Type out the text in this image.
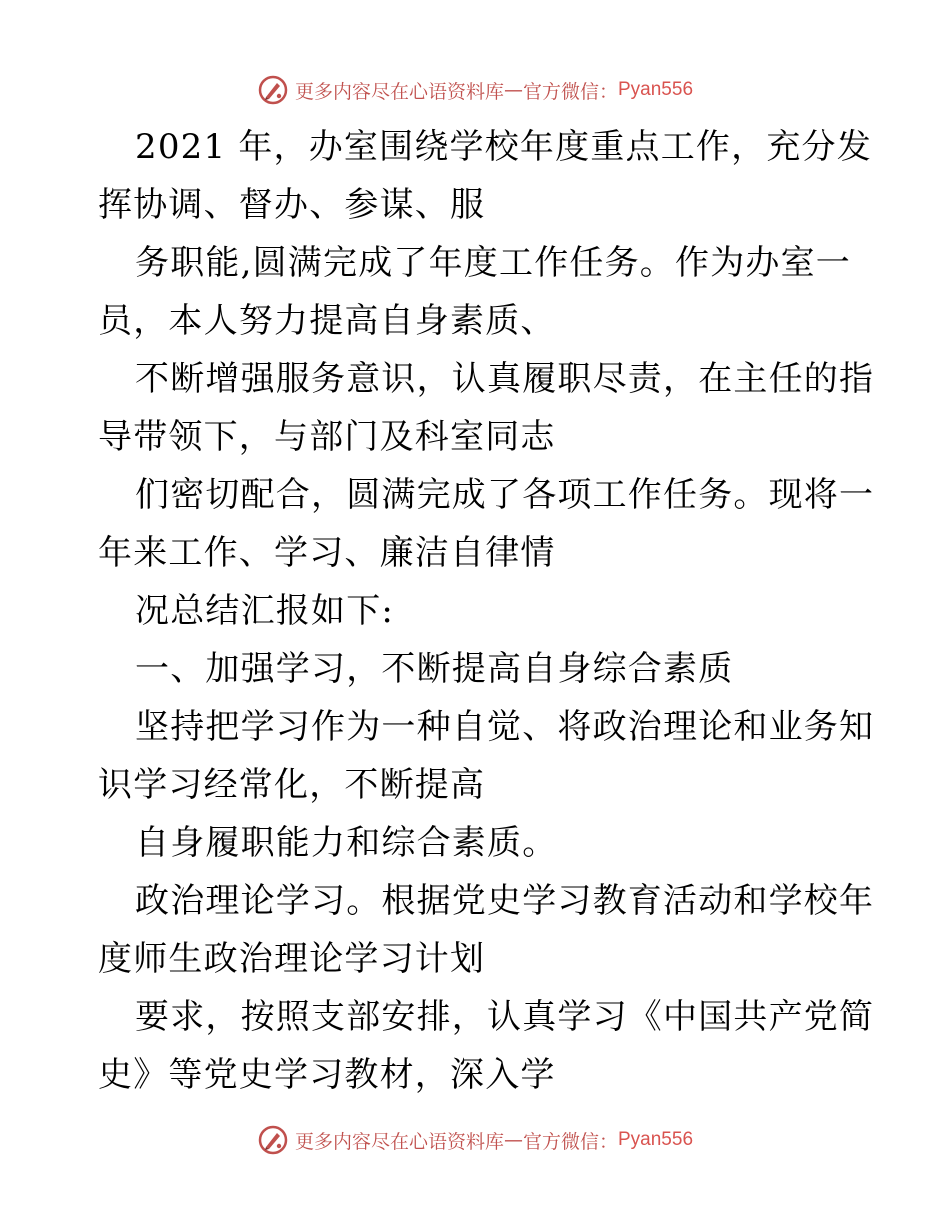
更多内容尽在心语资料库 — 官方微信： Pyan556
2021 年，办室围绕学校年度重点工作，充分发
挥协调、督办、参谋、服
务职能,圆满完成了年度工作任务。作为办室一
员，本人努力提高自身素质、
不断增强服务意识，认真履职尽责，在主任的指
导带领下，与部门及科室同志
们密切配合，圆满完成了各项工作任务。现将一
年来工作、学习、廉洁自律情
况总结汇报如下:
一、加强学习，不断提高自身综合素质
坚持把学习作为一种自觉、将政治理论和业务知
识学习经常化，不断提高
自身履职能力和综合素质。
政治理论学习。根据党史学习教育活动和学校年
度师生政治理论学习计划
要求，按照支部安排，认真学习《中国共产党简
史》等党史学习教材，深入学
更多内容尽在心语资料库 — 官方微信： Pyan556
